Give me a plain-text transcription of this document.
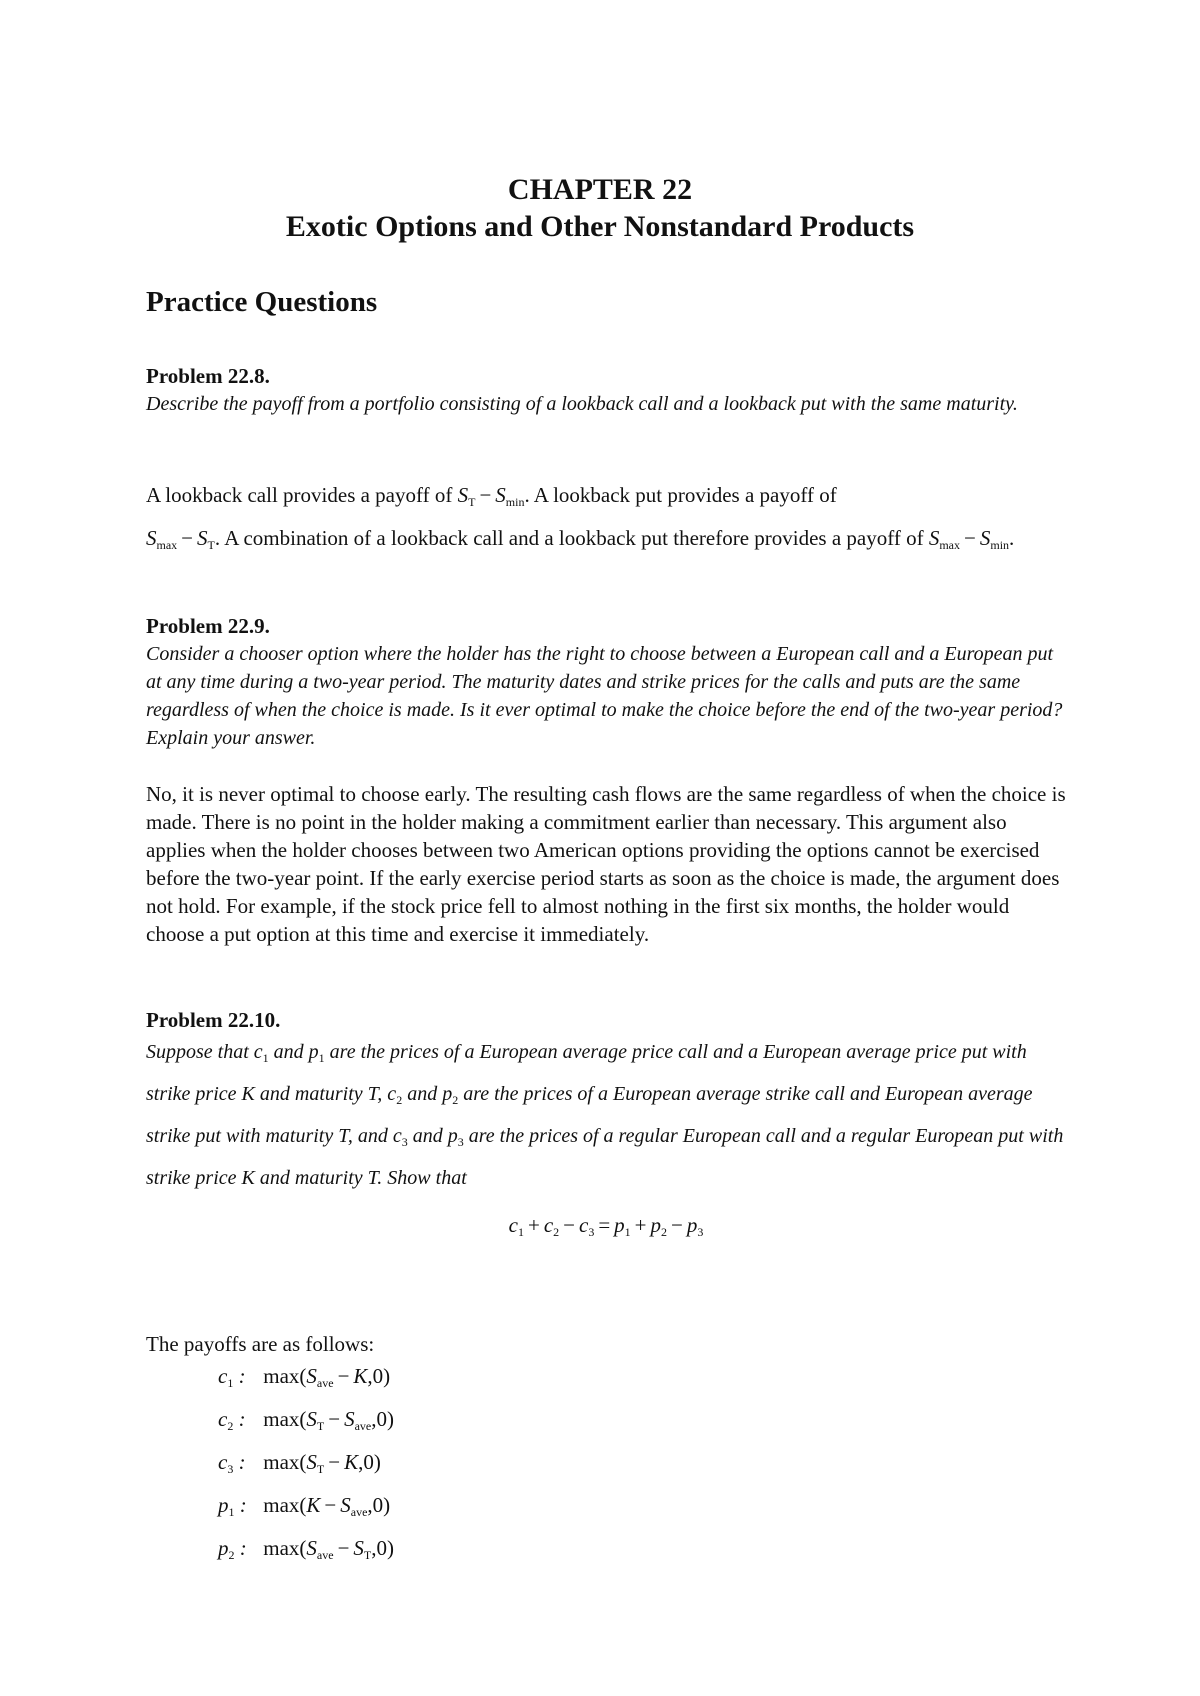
CHAPTER 22

Exotic Options and Other Nonstandard Products

Practice Questions

Problem 22.8.

Describe the payoff from a portfolio consisting of a lookback call and a lookback put with the same maturity.

A lookback call provides a payoff of $S_T - S_{min}$. A lookback put provides a payoff of
$S_{max} - S_T$. A combination of a lookback call and a lookback put therefore provides a payoff of $S_{max} - S_{min}$.

Problem 22.9.

Consider a chooser option where the holder has the right to choose between a European call and a European put at any time during a two-year period. The maturity dates and strike prices for the calls and puts are the same regardless of when the choice is made. Is it ever optimal to make the choice before the end of the two-year period? Explain your answer.

No, it is never optimal to choose early. The resulting cash flows are the same regardless of when the choice is made. There is no point in the holder making a commitment earlier than necessary. This argument also applies when the holder chooses between two American options providing the options cannot be exercised before the two-year point. If the early exercise period starts as soon as the choice is made, the argument does not hold. For example, if the stock price fell to almost nothing in the first six months, the holder would choose a put option at this time and exercise it immediately.

Problem 22.10.

Suppose that $c_1$ and $p_1$ are the prices of a European average price call and a European average price put with strike price K and maturity T, $c_2$ and $p_2$ are the prices of a European average strike call and European average strike put with maturity T, and $c_3$ and $p_3$ are the prices of a regular European call and a regular European put with strike price K and maturity T. Show that

$c_1 + c_2 - c_3 = p_1 + p_2 - p_3$

The payoffs are as follows:

$c_1$ : $\max(S_{ave} - K,0)$
$c_2$ : $\max(S_T - S_{ave},0)$
$c_3$ : $\max(S_T - K,0)$
$p_1$ : $\max(K - S_{ave},0)$
$p_2$ : $\max(S_{ave} - S_T,0)$
